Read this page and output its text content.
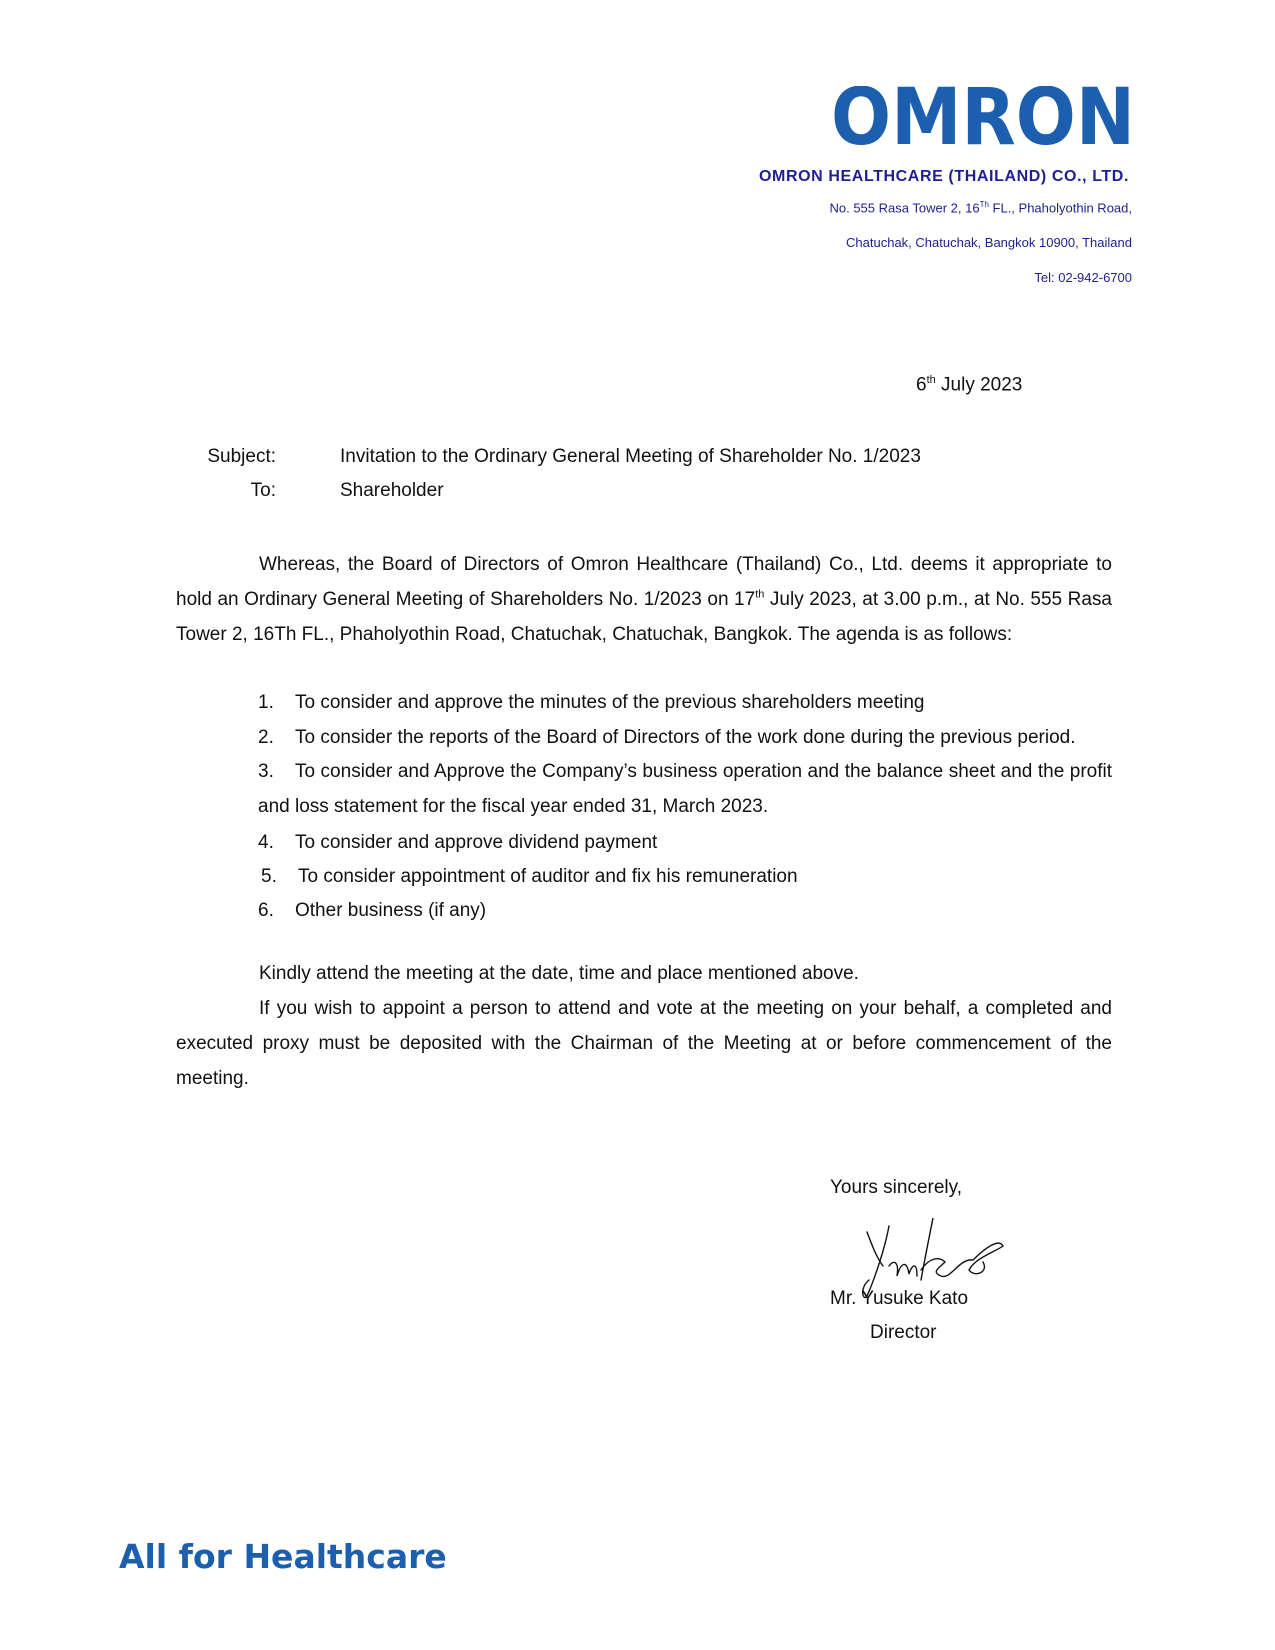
OMRON
OMRON HEALTHCARE (THAILAND) CO., LTD.
No. 555 Rasa Tower 2, 16Th FL., Phaholyothin Road,
Chatuchak, Chatuchak, Bangkok 10900, Thailand
Tel: 02-942-6700
6th July 2023
Subject:	Invitation to the Ordinary General Meeting of Shareholder No. 1/2023
To:	Shareholder
Whereas, the Board of Directors of Omron Healthcare (Thailand) Co., Ltd. deems it appropriate to hold an Ordinary General Meeting of Shareholders No. 1/2023 on 17th July 2023, at 3.00 p.m., at No. 555 Rasa Tower 2, 16Th FL., Phaholyothin Road, Chatuchak, Chatuchak, Bangkok. The agenda is as follows:
1. To consider and approve the minutes of the previous shareholders meeting
2. To consider the reports of the Board of Directors of the work done during the previous period.
3. To consider and Approve the Company’s business operation and the balance sheet and the profit and loss statement for the fiscal year ended 31, March 2023.
4. To consider and approve dividend payment
5. To consider appointment of auditor and fix his remuneration
6. Other business (if any)
Kindly attend the meeting at the date, time and place mentioned above.
If you wish to appoint a person to attend and vote at the meeting on your behalf, a completed and executed proxy must be deposited with the Chairman of the Meeting at or before commencement of the meeting.
Yours sincerely,
Mr. Yusuke Kato
Director
All for Healthcare
